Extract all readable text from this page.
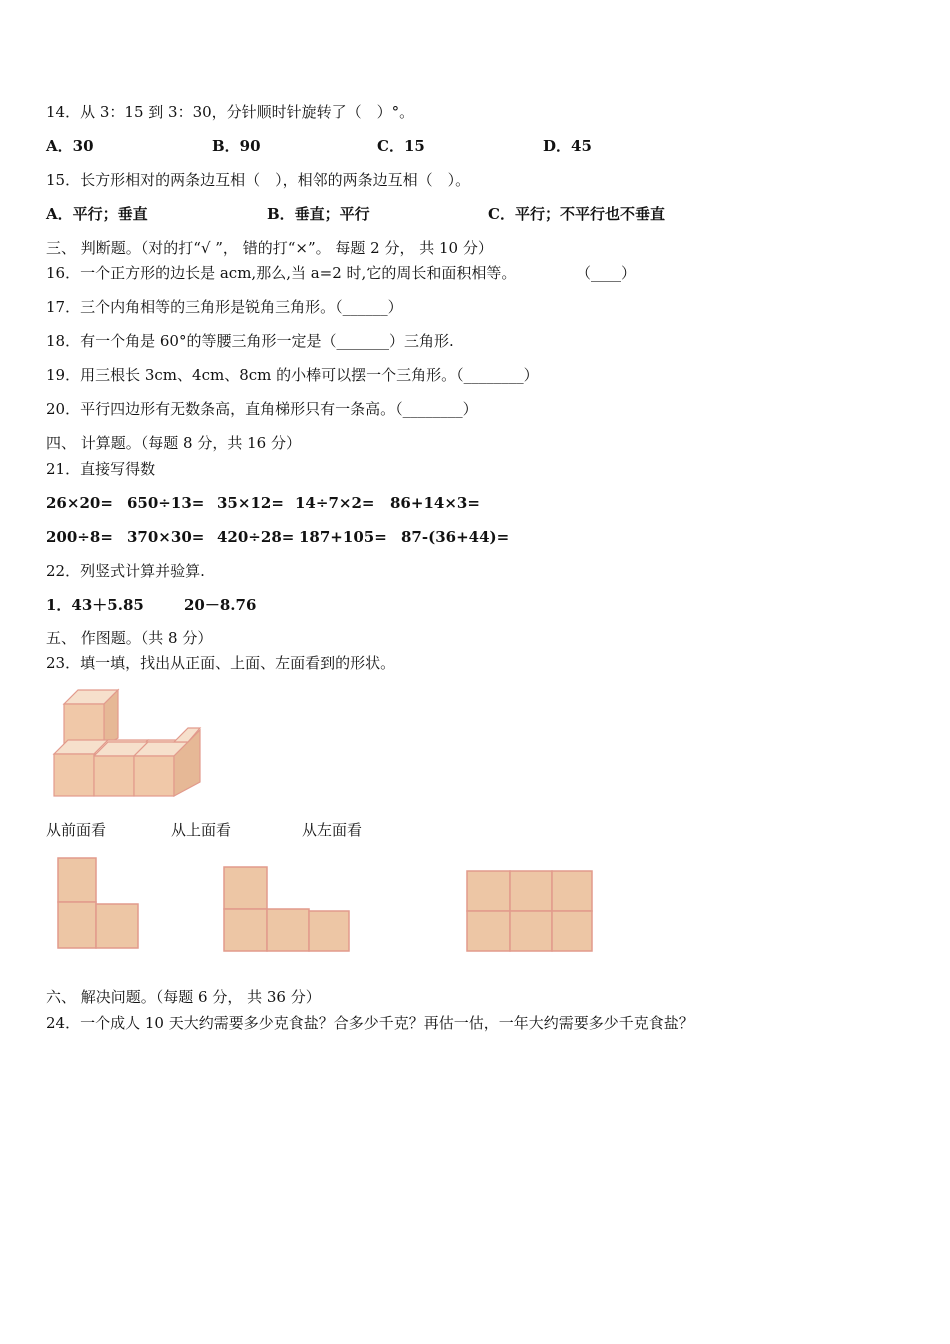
14．从 3：15 到 3：30，分针顺时针旋转了（　）°。
A．30	B．90	C．15	D．45
15．长方形相对的两条边互相（　），相邻的两条边互相（　）。
A．平行；垂直	B．垂直；平行	C．平行；不平行也不垂直
三、 判断题。（对的打“√ ”， 错的打“×”。 每题 2 分， 共 10 分）
16．一个正方形的边长是 acm,那么,当 a=2 时,它的周长和面积相等。	（____）
17．三个内角相等的三角形是锐角三角形。（______）
18．有一个角是 60°的等腰三角形一定是（_______）三角形.
19．用三根长 3cm、4cm、8cm 的小棒可以摆一个三角形。（________）
20．平行四边形有无数条高，直角梯形只有一条高。（________）
四、 计算题。（每题 8 分，共 16 分）
21．直接写得数
26×20= 650÷13= 35×12= 14÷7×2= 86+14×3=
200÷8= 370×30= 420÷28= 187+105= 87-(36+44)=
22．列竖式计算并验算.
1．43＋5.85	20－8.76
五、 作图题。（共 8 分）
23．填一填，找出从正面、上面、左面看到的形状。
从前面看	从上面看	从左面看
六、 解决问题。（每题 6 分， 共 36 分）
24．一个成人 10 天大约需要多少克食盐？合多少千克？再估一估，一年大约需要多少千克食盐？
